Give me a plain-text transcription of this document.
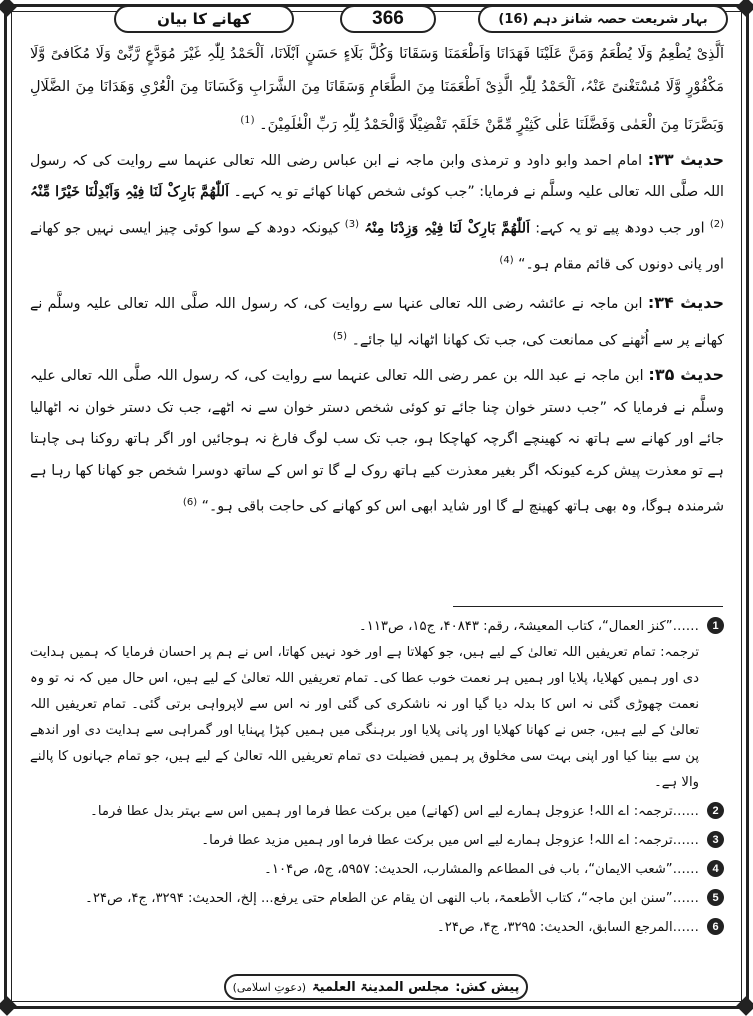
کھانے کا بیان	366	بہار شریعت حصہ شانز دہم (16)

اَلَّذِیْ یُطْعِمُ وَلَا یُطْعَمُ وَمَنَّ عَلَیْنَا فَھَدَانَا وَاَطْعَمَنَا وَسَقَانَا وَکُلَّ بَلَاءٍ حَسَنٍ اَبْلَانَا، اَلْحَمْدُ لِلّٰہِ غَیْرَ مُوَدَّعٍ رَّبِّیْ وَلَا مُکَافیً وَّلَا مَکْفُوْرٍ وَّلَا مُسْتَغْنیً عَنْہُ، اَلْحَمْدُ لِلّٰہِ الَّذِیْ اَطْعَمَنَا مِنَ الطَّعَامِ وَسَقَانَا مِنَ الشَّرَابِ وَکَسَانَا مِنَ الْعُرْیِ وَھَدَانَا مِنَ الضَّلَالِ وَبَصَّرَنَا مِنَ الْعَمٰی وَفَضَّلَنَا عَلٰی کَثِیْرٍ مِّمَّنْ خَلَقَہٖ تَفْضِیْلًا وَّالْحَمْدُ لِلّٰہِ رَبِّ الْعٰلَمِیْنَ۔ $^{(1)}$

حدیث ۳۳: امام احمد وابو داود و ترمذی وابن ماجہ نے ابن عباس رضی اللہ تعالی عنہما سے روایت کی کہ رسول اللہ صلَّی اللہ تعالی علیہ وسلَّم نے فرمایا: ”جب کوئی شخص کھانا کھائے تو یہ کہے۔ اَللّٰھُمَّ بَارِکْ لَنَا فِیْہِ وَاَبْدِلْنَا خَیْرًا مِّنْہُ $^{(2)}$ اور جب دودھ پیے تو یہ کہے: اَللّٰھُمَّ بَارِکْ لَنَا فِیْہِ وَزِدْنَا مِنْہُ $^{(3)}$ کیونکہ دودھ کے سوا کوئی چیز ایسی نہیں جو کھانے اور پانی دونوں کی قائم مقام ہو۔“ $^{(4)}$

حدیث ۳۴: ابن ماجہ نے عائشہ رضی اللہ تعالی عنہا سے روایت کی، کہ رسول اللہ صلَّی اللہ تعالی علیہ وسلَّم نے کھانے پر سے اُٹھنے کی ممانعت کی، جب تک کھانا اٹھانہ لیا جائے۔ $^{(5)}$

حدیث ۳۵: ابن ماجہ نے عبد اللہ بن عمر رضی اللہ تعالی عنہما سے روایت کی، کہ رسول اللہ صلَّی اللہ تعالی علیہ وسلَّم نے فرمایا کہ ”جب دستر خوان چنا جائے تو کوئی شخص دستر خوان سے نہ اٹھے، جب تک دستر خوان نہ اٹھالیا جائے اور کھانے سے ہاتھ نہ کھینچے اگرچہ کھاچکا ہو، جب تک سب لوگ فارغ نہ ہوجائیں اور اگر ہاتھ روکنا ہی چاہتا ہے تو معذرت پیش کرے کیونکہ اگر بغیر معذرت کیے ہاتھ روک لے گا تو اس کے ساتھ دوسرا شخص جو کھانا کھا رہا ہے شرمندہ ہوگا، وہ بھی ہاتھ کھینچ لے گا اور شاید ابھی اس کو کھانے کی حاجت باقی ہو۔“ $^{(6)}$

1
……”کنز العمال“، کتاب المعیشۃ، رقم: ۴۰۸۴۳، ج۱۵، ص۱۱۳۔
ترجمہ: تمام تعریفیں اللہ تعالیٰ کے لیے ہیں، جو کھلاتا ہے اور خود نہیں کھاتا، اس نے ہم پر احسان فرمایا کہ ہمیں ہدایت دی اور ہمیں کھلایا، پلایا اور ہمیں ہر نعمت خوب عطا کی۔ تمام تعریفیں اللہ تعالیٰ کے لیے ہیں، اس حال میں کہ نہ تو وہ نعمت چھوڑی گئی نہ اس کا بدلہ دیا گیا اور نہ ناشکری کی گئی اور نہ اس سے لاپرواہی برتی گئی۔ تمام تعریفیں اللہ تعالیٰ کے لیے ہیں، جس نے کھانا کھلایا اور پانی پلایا اور برہنگی میں ہمیں کپڑا پہنایا اور گمراہی سے ہدایت دی اور اندھے پن سے بینا کیا اور اپنی بہت سی مخلوق پر ہمیں فضیلت دی تمام تعریفیں اللہ تعالیٰ کے لیے ہیں، جو تمام جہانوں کا پالنے والا ہے۔
2
……ترجمہ: اے اللہ! عزوجل ہمارے لیے اس (کھانے) میں برکت عطا فرما اور ہمیں اس سے بہتر بدل عطا فرما۔
3
……ترجمہ: اے اللہ! عزوجل ہمارے لیے اس میں برکت عطا فرما اور ہمیں مزید عطا فرما۔
4
……”شعب الایمان“، باب فی المطاعم والمشارب، الحدیث: ۵۹۵۷، ج۵، ص۱۰۴۔
5
……”سنن ابن ماجہ“، کتاب الأطعمۃ، باب النھی ان یقام عن الطعام حتی یرفع... إلخ، الحدیث: ۳۲۹۴، ج۴، ص۲۴۔
6
……المرجع السابق، الحدیث: ۳۲۹۵، ج۴، ص۲۴۔
پیش کش:
مجلس المدینۃ العلمیۃ
(دعوتِ اسلامی)
